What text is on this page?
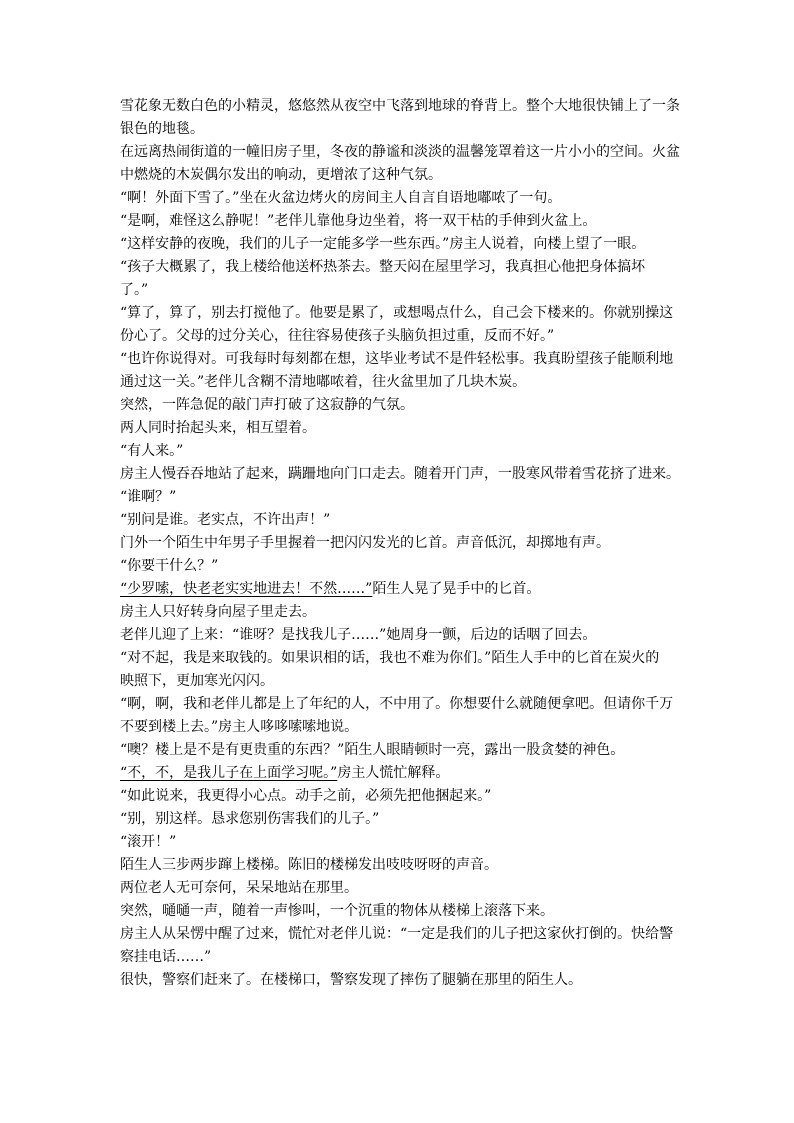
雪花象无数白色的小精灵，悠悠然从夜空中飞落到地球的脊背上。整个大地很快铺上了一条
银色的地毯。
在远离热闹街道的一幢旧房子里，冬夜的静谧和淡淡的温馨笼罩着这一片小小的空间。火盆
中燃烧的木炭偶尔发出的响动，更增浓了这种气氛。
“啊！外面下雪了。”坐在火盆边烤火的房间主人自言自语地嘟哝了一句。
“是啊，难怪这么静呢！”老伴儿靠他身边坐着，将一双干枯的手伸到火盆上。
“这样安静的夜晚，我们的儿子一定能多学一些东西。”房主人说着，向楼上望了一眼。
“孩子大概累了，我上楼给他送杯热茶去。整天闷在屋里学习，我真担心他把身体搞坏
了。”
“算了，算了，别去打搅他了。他要是累了，或想喝点什么，自己会下楼来的。你就别操这
份心了。父母的过分关心，往往容易使孩子头脑负担过重，反而不好。”
“也许你说得对。可我每时每刻都在想，这毕业考试不是件轻松事。我真盼望孩子能顺利地
通过这一关。”老伴儿含糊不清地嘟哝着，往火盆里加了几块木炭。
突然，一阵急促的敲门声打破了这寂静的气氛。
两人同时抬起头来，相互望着。
“有人来。”
房主人慢吞吞地站了起来，蹒跚地向门口走去。随着开门声，一股寒风带着雪花挤了进来。
“谁啊？”
“别问是谁。老实点，不许出声！”
门外一个陌生中年男子手里握着一把闪闪发光的匕首。声音低沉，却掷地有声。
“你要干什么？”
“少罗嗦，快老老实实地进去！不然……”陌生人晃了晃手中的匕首。
房主人只好转身向屋子里走去。
老伴儿迎了上来：“谁呀？是找我儿子……”她周身一颤，后边的话咽了回去。
“对不起，我是来取钱的。如果识相的话，我也不难为你们。”陌生人手中的匕首在炭火的
映照下，更加寒光闪闪。
“啊，啊，我和老伴儿都是上了年纪的人，不中用了。你想要什么就随便拿吧。但请你千万
不要到楼上去。”房主人哆哆嗦嗦地说。
“噢？楼上是不是有更贵重的东西？”陌生人眼睛顿时一亮，露出一股贪婪的神色。
“不，不，是我儿子在上面学习呢。”房主人慌忙解释。
“如此说来，我更得小心点。动手之前，必须先把他捆起来。”
“别，别这样。恳求您别伤害我们的儿子。”
“滚开！”
陌生人三步两步蹿上楼梯。陈旧的楼梯发出吱吱呀呀的声音。
两位老人无可奈何，呆呆地站在那里。
突然，嗵嗵一声，随着一声惨叫，一个沉重的物体从楼梯上滚落下来。
房主人从呆愣中醒了过来，慌忙对老伴儿说：“一定是我们的儿子把这家伙打倒的。快给警
察挂电话……”
很快，警察们赶来了。在楼梯口，警察发现了摔伤了腿躺在那里的陌生人。
